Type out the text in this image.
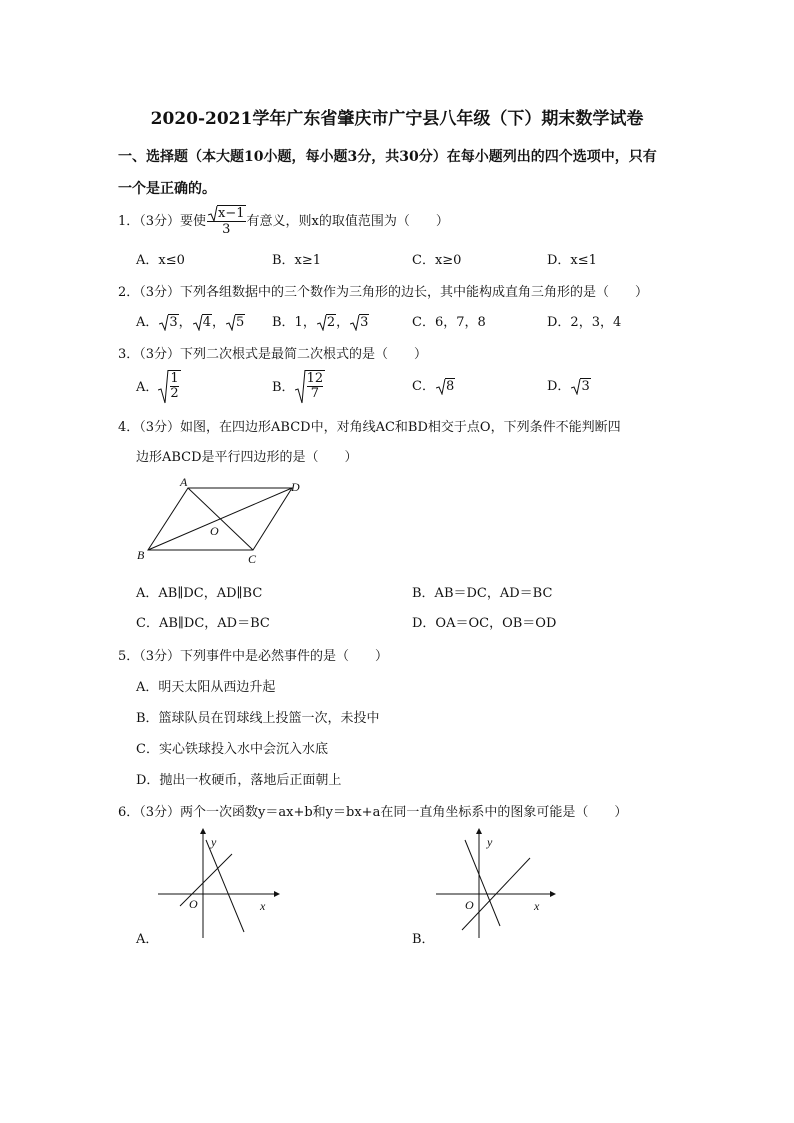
2020-2021学年广东省肇庆市广宁县八年级（下）期末数学试卷
一、选择题（本大题10小题，每小题3分，共30分）在每小题列出的四个选项中，只有
一个是正确的。
1．（3分）要使 $\frac{x-1}{3}$ 有意义，则x的取值范围为（　　）
A．x≤0	B．x≥1	C．x≥0	D．x≤1
2．（3分）下列各组数据中的三个数作为三角形的边长，其中能构成直角三角形的是（　　）
A． 3， 4， 5 B．1， 2， 3	C．6，7，8	D．2，3，4
3．（3分）下列二次根式是最简二次根式的是（　　）
A． $\frac{1}{2}$	B． $\frac{12}{7}$	C． 8	D． 3
4．（3分）如图，在四边形ABCD中，对角线AC和BD相交于点O，下列条件不能判断四
边形ABCD是平行四边形的是（　　）
A	D
B	C
O
A．AB∥DC，AD∥BC	B．AB＝DC，AD＝BC
C．AB∥DC，AD＝BC	D．OA＝OC，OB＝OD
5．（3分）下列事件中是必然事件的是（　　）
A．明天太阳从西边升起
B．篮球队员在罚球线上投篮一次，未投中
C．实心铁球投入水中会沉入水底
D．抛出一枚硬币，落地后正面朝上
6．（3分）两个一次函数y＝ax+b和y＝bx+a在同一直角坐标系中的图象可能是（　　）
y
x
O
A．
y
x
O
B．
